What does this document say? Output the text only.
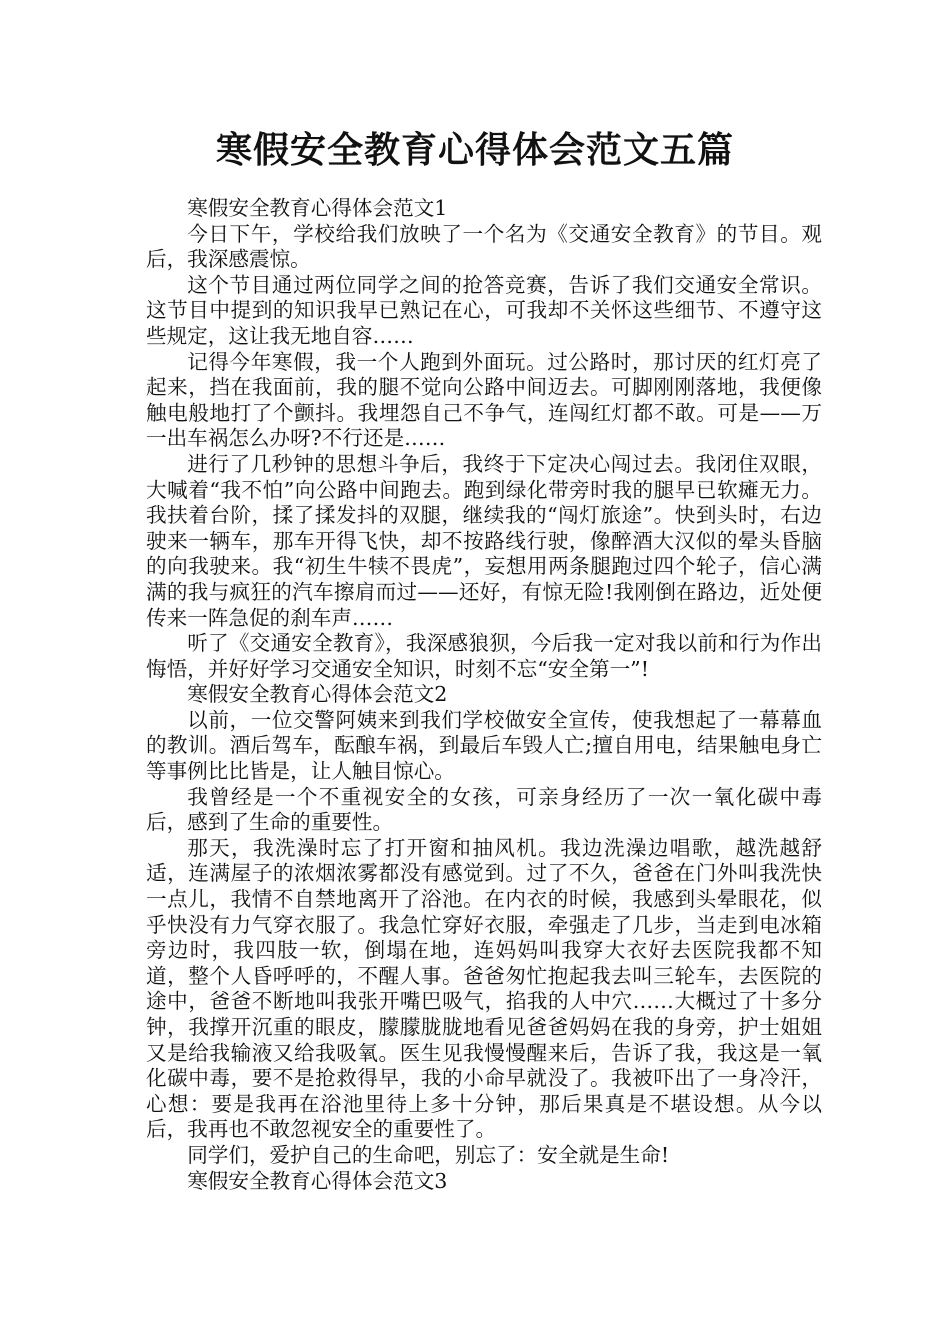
寒假安全教育心得体会范文五篇

寒假安全教育心得体会范文1

今日下午，学校给我们放映了一个名为《交通安全教育》的节目。观后，我深感震惊。

这个节目通过两位同学之间的抢答竞赛，告诉了我们交通安全常识。这节目中提到的知识我早已熟记在心，可我却不关怀这些细节、不遵守这些规定，这让我无地自容……

记得今年寒假，我一个人跑到外面玩。过公路时，那讨厌的红灯亮了起来，挡在我面前，我的腿不觉向公路中间迈去。可脚刚刚落地，我便像触电般地打了个颤抖。我埋怨自己不争气，连闯红灯都不敢。可是——万一出车祸怎么办呀?不行还是……

进行了几秒钟的思想斗争后，我终于下定决心闯过去。我闭住双眼，大喊着“我不怕”向公路中间跑去。跑到绿化带旁时我的腿早已软瘫无力。我扶着台阶，揉了揉发抖的双腿，继续我的“闯灯旅途”。快到头时，右边驶来一辆车，那车开得飞快，却不按路线行驶，像醉酒大汉似的晕头昏脑的向我驶来。我“初生牛犊不畏虎”，妄想用两条腿跑过四个轮子，信心满满的我与疯狂的汽车擦肩而过——还好，有惊无险!我刚倒在路边，近处便传来一阵急促的刹车声……

听了《交通安全教育》，我深感狼狈，今后我一定对我以前和行为作出悔悟，并好好学习交通安全知识，时刻不忘“安全第一”!

寒假安全教育心得体会范文2

以前，一位交警阿姨来到我们学校做安全宣传，使我想起了一幕幕血的教训。酒后驾车，酝酿车祸，到最后车毁人亡;擅自用电，结果触电身亡等事例比比皆是，让人触目惊心。

我曾经是一个不重视安全的女孩，可亲身经历了一次一氧化碳中毒后，感到了生命的重要性。

那天，我洗澡时忘了打开窗和抽风机。我边洗澡边唱歌，越洗越舒适，连满屋子的浓烟浓雾都没有感觉到。过了不久，爸爸在门外叫我洗快一点儿，我情不自禁地离开了浴池。在内衣的时候，我感到头晕眼花，似乎快没有力气穿衣服了。我急忙穿好衣服，牵强走了几步，当走到电冰箱旁边时，我四肢一软，倒塌在地，连妈妈叫我穿大衣好去医院我都不知道，整个人昏呼呼的，不醒人事。爸爸匆忙抱起我去叫三轮车，去医院的途中，爸爸不断地叫我张开嘴巴吸气，掐我的人中穴……大概过了十多分钟，我撑开沉重的眼皮，朦朦胧胧地看见爸爸妈妈在我的身旁，护士姐姐又是给我输液又给我吸氧。医生见我慢慢醒来后，告诉了我，我这是一氧化碳中毒，要不是抢救得早，我的小命早就没了。我被吓出了一身冷汗，心想：要是我再在浴池里待上多十分钟，那后果真是不堪设想。从今以后，我再也不敢忽视安全的重要性了。

同学们，爱护自己的生命吧，别忘了：安全就是生命!

寒假安全教育心得体会范文3
